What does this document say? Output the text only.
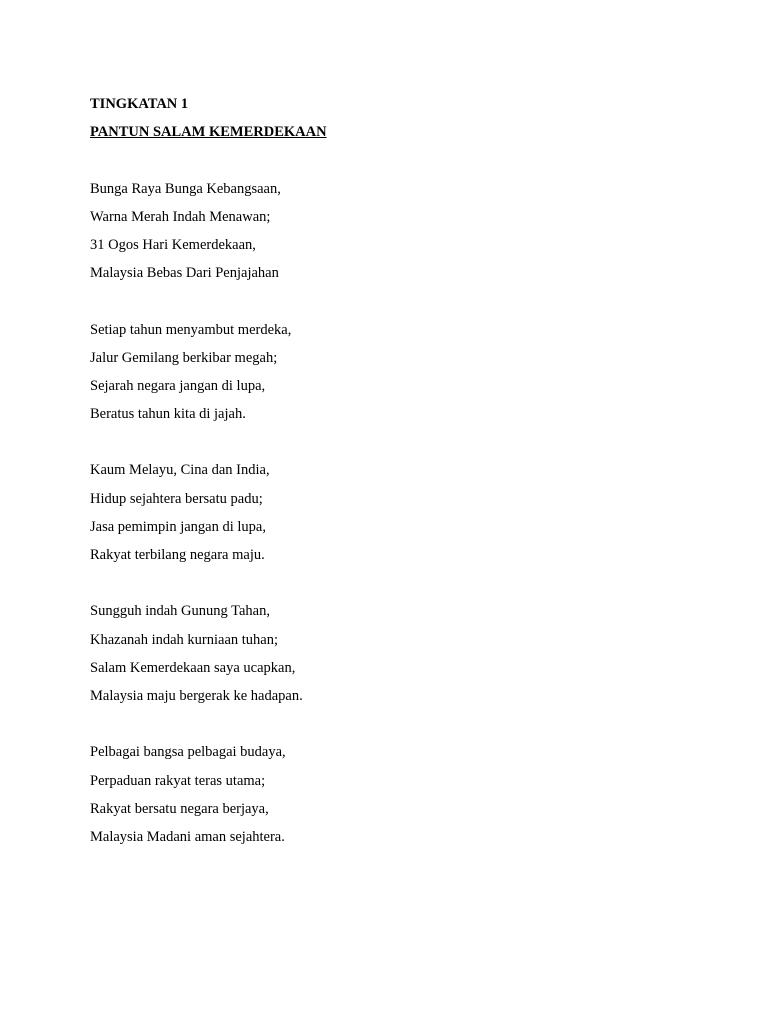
TINGKATAN 1
PANTUN SALAM KEMERDEKAAN
Bunga Raya Bunga Kebangsaan,
Warna Merah Indah Menawan;
31 Ogos Hari Kemerdekaan,
Malaysia Bebas Dari Penjajahan
Setiap tahun menyambut merdeka,
Jalur Gemilang berkibar megah;
Sejarah negara jangan di lupa,
Beratus tahun kita di jajah.
Kaum Melayu, Cina dan India,
Hidup sejahtera bersatu padu;
Jasa pemimpin jangan di lupa,
Rakyat terbilang negara maju.
Sungguh indah Gunung Tahan,
Khazanah indah kurniaan tuhan;
Salam Kemerdekaan saya ucapkan,
Malaysia maju bergerak ke hadapan.
Pelbagai bangsa pelbagai budaya,
Perpaduan rakyat teras utama;
Rakyat bersatu negara berjaya,
Malaysia Madani aman sejahtera.
